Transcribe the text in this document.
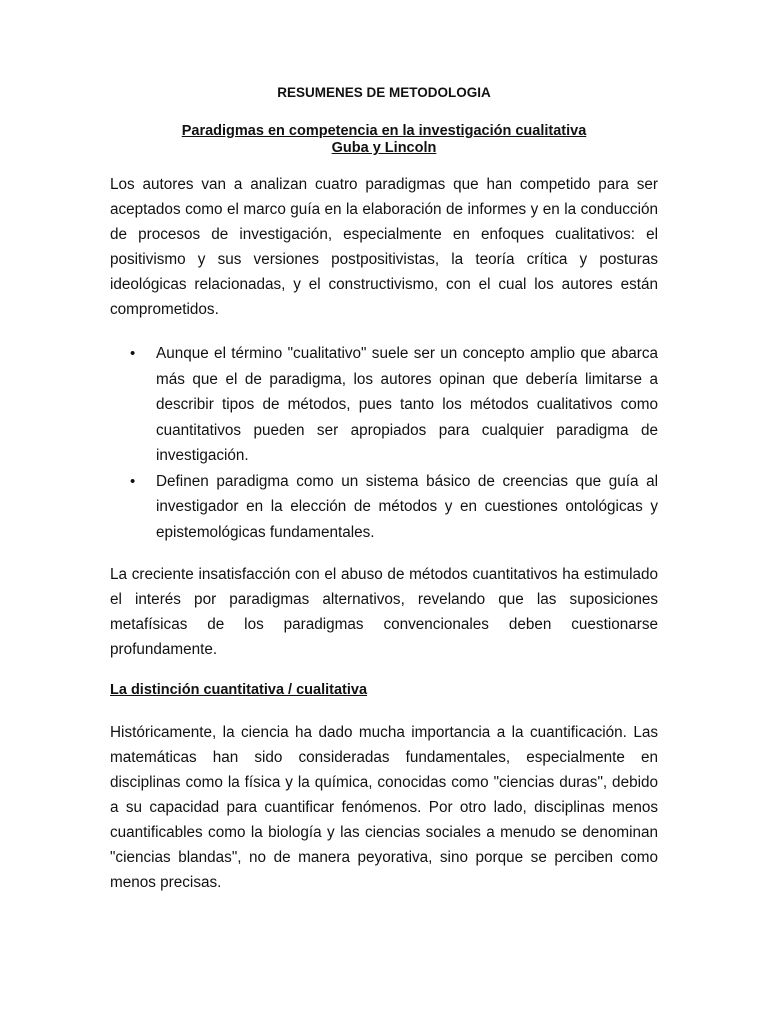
RESUMENES DE METODOLOGIA
Paradigmas en competencia en la investigación cualitativa
Guba y Lincoln

Los autores van a analizan cuatro paradigmas que han competido para ser aceptados como el marco guía en la elaboración de informes y en la conducción de procesos de investigación, especialmente en enfoques cualitativos: el positivismo y sus versiones postpositivistas, la teoría crítica y posturas ideológicas relacionadas, y el constructivismo, con el cual los autores están comprometidos.

• Aunque el término "cualitativo" suele ser un concepto amplio que abarca más que el de paradigma, los autores opinan que debería limitarse a describir tipos de métodos, pues tanto los métodos cualitativos como cuantitativos pueden ser apropiados para cualquier paradigma de investigación.
• Definen paradigma como un sistema básico de creencias que guía al investigador en la elección de métodos y en cuestiones ontológicas y epistemológicas fundamentales.

La creciente insatisfacción con el abuso de métodos cuantitativos ha estimulado el interés por paradigmas alternativos, revelando que las suposiciones metafísicas de los paradigmas convencionales deben cuestionarse profundamente.

La distinción cuantitativa / cualitativa

Históricamente, la ciencia ha dado mucha importancia a la cuantificación. Las matemáticas han sido consideradas fundamentales, especialmente en disciplinas como la física y la química, conocidas como "ciencias duras", debido a su capacidad para cuantificar fenómenos. Por otro lado, disciplinas menos cuantificables como la biología y las ciencias sociales a menudo se denominan "ciencias blandas", no de manera peyorativa, sino porque se perciben como menos precisas.
